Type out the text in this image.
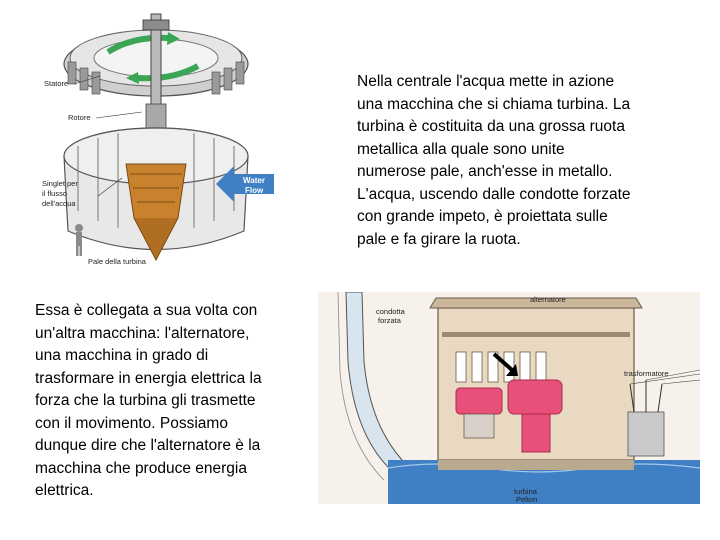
Water
Flow
Statore
Rotore
Singlet per
il flusso
dell'acqua
Pale della turbina
Nella centrale l'acqua mette in azione
una macchina che si chiama turbina. La
turbina è costituita da una grossa ruota
metallica alla quale sono unite
numerose pale, anch'esse in metallo.
L'acqua, uscendo dalle condotte forzate
con grande impeto, è proiettata sulle
pale e fa girare la ruota.
Essa è collegata a sua volta con
un'altra macchina: l'alternatore,
una macchina in grado di
trasformare in energia elettrica la
forza che la turbina gli trasmette
con il movimento. Possiamo
dunque dire che l'alternatore è la
macchina che produce energia
elettrica.
alternatore
condotta
forzata
trasformatore
turbina
Pelton
